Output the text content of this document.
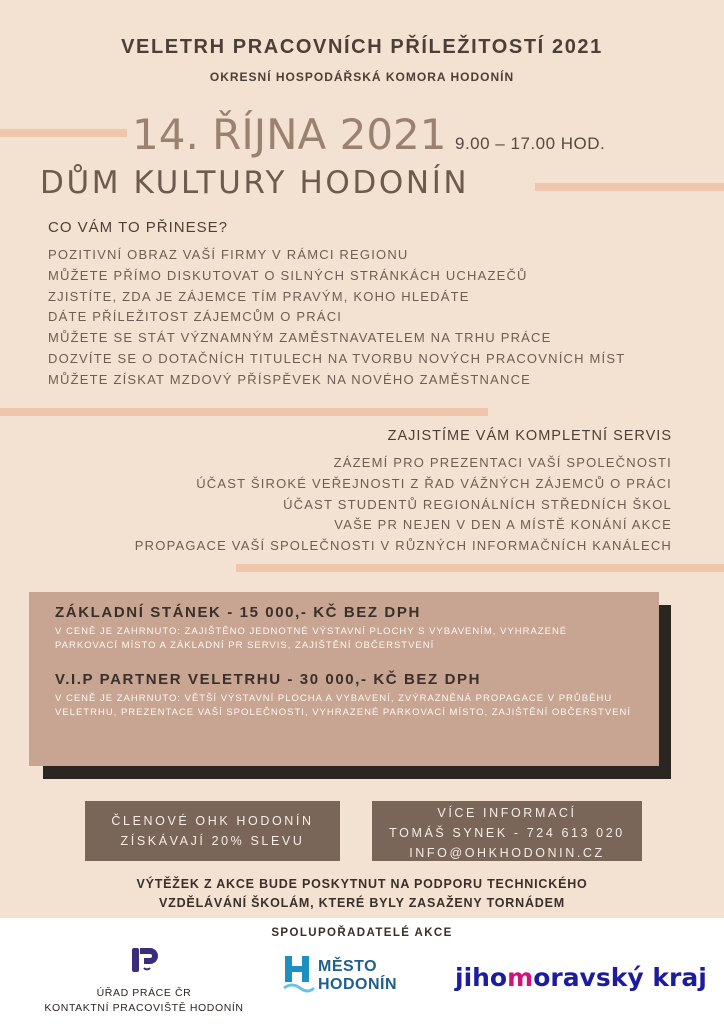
VELETRH PRACOVNÍCH PŘÍLEŽITOSTÍ 2021
OKRESNÍ HOSPODÁŘSKÁ KOMORA HODONÍN
14. ŘÍJNA 2021 9.00 – 17.00 HOD.
DŮM KULTURY HODONÍN
CO VÁM TO PŘINESE?
POZITIVNÍ OBRAZ VAŠÍ FIRMY V RÁMCI REGIONU
MŮŽETE PŘÍMO DISKUTOVAT O SILNÝCH STRÁNKÁCH UCHAZEČŮ
ZJISTÍTE, ZDA JE ZÁJEMCE TÍM PRAVÝM, KOHO HLEDÁTE
DÁTE PŘÍLEŽITOST ZÁJEMCŮM O PRÁCI
MŮŽETE SE STÁT VÝZNAMNÝM ZAMĚSTNAVATELEM NA TRHU PRÁCE
DOZVÍTE SE O DOTAČNÍCH TITULECH NA TVORBU NOVÝCH PRACOVNÍCH MÍST
MŮŽETE ZÍSKAT MZDOVÝ PŘÍSPĚVEK NA NOVÉHO ZAMĚSTNANCE
ZAJISTÍME VÁM KOMPLETNÍ SERVIS
ZÁZEMÍ PRO PREZENTACI VAŠÍ SPOLEČNOSTI
ÚČAST ŠIROKÉ VEŘEJNOSTI Z ŘAD VÁŽNÝCH ZÁJEMCŮ O PRÁCI
ÚČAST STUDENTŮ REGIONÁLNÍCH STŘEDNÍCH ŠKOL
VAŠE PR NEJEN V DEN A MÍSTĚ KONÁNÍ AKCE
PROPAGACE VAŠÍ SPOLEČNOSTI V RŮZNÝCH INFORMAČNÍCH KANÁLECH
ZÁKLADNÍ STÁNEK - 15 000,- KČ BEZ DPH
V CENĚ JE ZAHRNUTO: ZAJIŠTĚNO JEDNOTNÉ VÝSTAVNÍ PLOCHY S VYBAVENÍM, VYHRAZENÉ PARKOVACÍ MÍSTO A ZÁKLADNÍ PR SERVIS, ZAJIŠTĚNÍ OBČERSTVENÍ
V.I.P PARTNER VELETRHU - 30 000,- KČ BEZ DPH
V CENĚ JE ZAHRNUTO: VĚTŠÍ VÝSTAVNÍ PLOCHA A VYBAVENÍ, ZVÝRAZNĚNÁ PROPAGACE V PRŮBĚHU VELETRHU, PREZENTACE VAŠÍ SPOLEČNOSTI, VYHRAZENÉ PARKOVACÍ MÍSTO, ZAJIŠTĚNÍ OBČERSTVENÍ
ČLENOVÉ OHK HODONÍN
ZÍSKÁVAJÍ 20% SLEVU
VÍCE INFORMACÍ
TOMÁŠ SYNEK - 724 613 020
INFO@OHKHODONIN.CZ
VÝTĚŽEK Z AKCE BUDE POSKYTNUT NA PODPORU TECHNICKÉHO
VZDĚLÁVÁNÍ ŠKOLÁM, KTERÉ BYLY ZASAŽENY TORNÁDEM
SPOLUPOŘADATELÉ AKCE
ÚŘAD PRÁCE ČR
KONTAKTNÍ PRACOVIŠTĚ HODONÍN
MĚSTO
HODONÍN jihomoravský kraj
